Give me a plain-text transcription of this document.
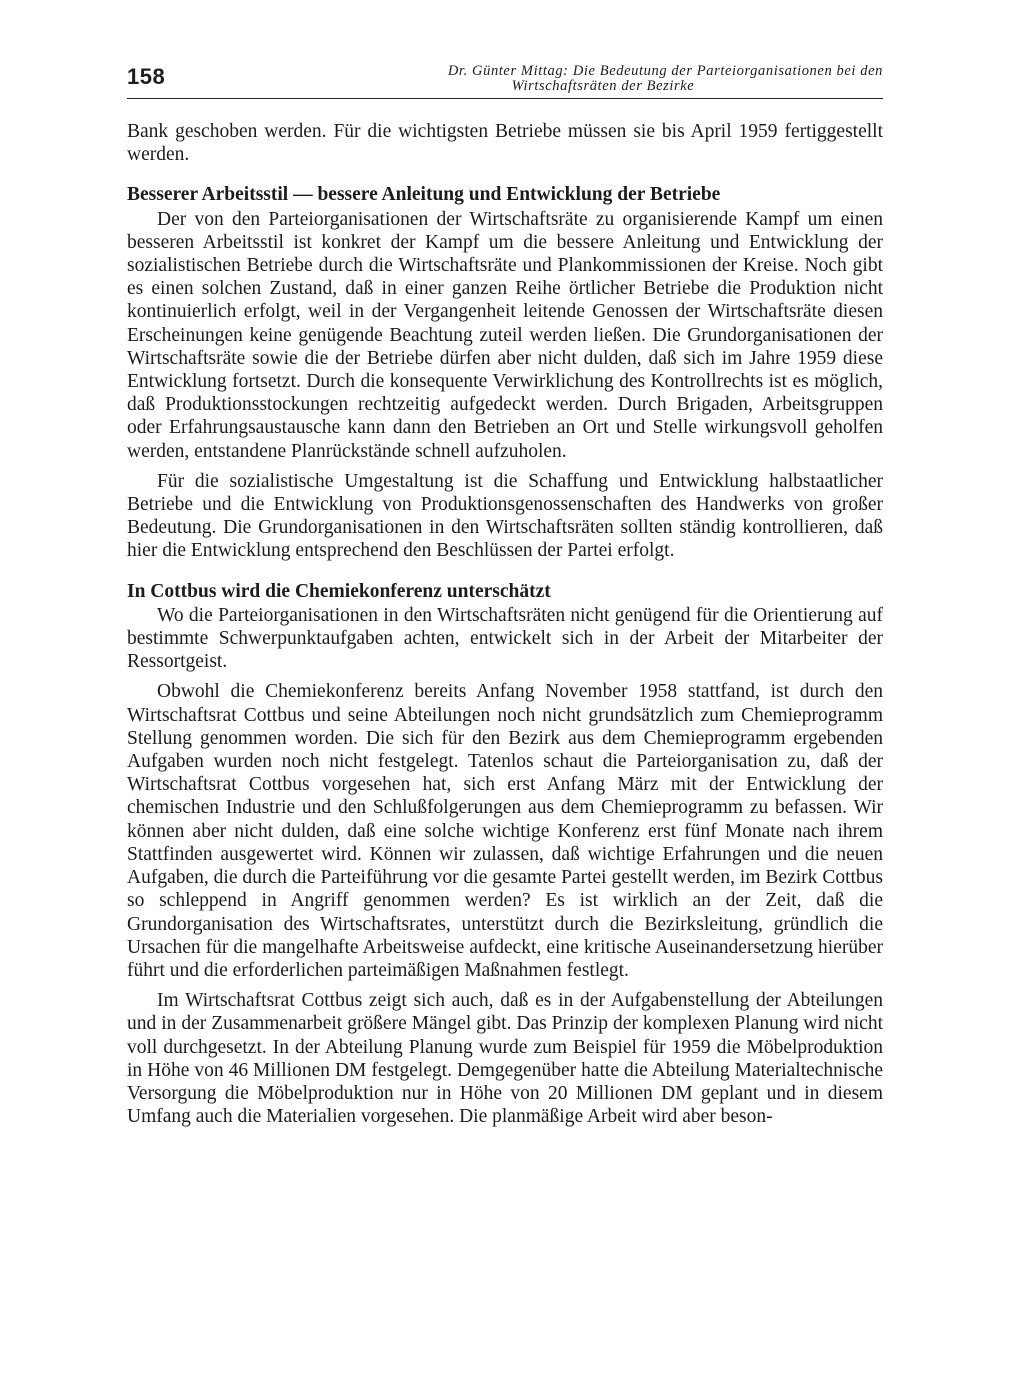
158	Dr. Günter Mittag: Die Bedeutung der Parteiorganisationen bei den
Wirtschaftsräten der Bezirke

Bank geschoben werden. Für die wichtigsten Betriebe müssen sie bis April 1959 fertiggestellt werden.

Besserer Arbeitsstil — bessere Anleitung und Entwicklung der Betriebe

Der von den Parteiorganisationen der Wirtschaftsräte zu organisierende Kampf um einen besseren Arbeitsstil ist konkret der Kampf um die bessere Anleitung und Entwicklung der sozialistischen Betriebe durch die Wirtschaftsräte und Plankommissionen der Kreise. Noch gibt es einen solchen Zustand, daß in einer ganzen Reihe örtlicher Betriebe die Produktion nicht kontinuierlich erfolgt, weil in der Vergangenheit leitende Genossen der Wirtschaftsräte diesen Erscheinungen keine genügende Beachtung zuteil werden ließen. Die Grundorganisationen der Wirtschaftsräte sowie die der Betriebe dürfen aber nicht dulden, daß sich im Jahre 1959 diese Entwicklung fortsetzt. Durch die konsequente Verwirklichung des Kontrollrechts ist es möglich, daß Produktionsstockungen rechtzeitig aufgedeckt werden. Durch Brigaden, Arbeitsgruppen oder Erfahrungsaustausche kann dann den Betrieben an Ort und Stelle wirkungsvoll geholfen werden, entstandene Planrückstände schnell aufzuholen.

Für die sozialistische Umgestaltung ist die Schaffung und Entwicklung halbstaatlicher Betriebe und die Entwicklung von Produktionsgenossenschaften des Handwerks von großer Bedeutung. Die Grundorganisationen in den Wirtschaftsräten sollten ständig kontrollieren, daß hier die Entwicklung entsprechend den Beschlüssen der Partei erfolgt.

In Cottbus wird die Chemiekonferenz unterschätzt

Wo die Parteiorganisationen in den Wirtschaftsräten nicht genügend für die Orientierung auf bestimmte Schwerpunktaufgaben achten, entwickelt sich in der Arbeit der Mitarbeiter der Ressortgeist.

Obwohl die Chemiekonferenz bereits Anfang November 1958 stattfand, ist durch den Wirtschaftsrat Cottbus und seine Abteilungen noch nicht grundsätzlich zum Chemieprogramm Stellung genommen worden. Die sich für den Bezirk aus dem Chemieprogramm ergebenden Aufgaben wurden noch nicht festgelegt. Tatenlos schaut die Parteiorganisation zu, daß der Wirtschaftsrat Cottbus vorgesehen hat, sich erst Anfang März mit der Entwicklung der chemischen Industrie und den Schlußfolgerungen aus dem Chemieprogramm zu befassen. Wir können aber nicht dulden, daß eine solche wichtige Konferenz erst fünf Monate nach ihrem Stattfinden ausgewertet wird. Können wir zulassen, daß wichtige Erfahrungen und die neuen Aufgaben, die durch die Parteiführung vor die gesamte Partei gestellt werden, im Bezirk Cottbus so schleppend in Angriff genommen werden? Es ist wirklich an der Zeit, daß die Grundorganisation des Wirtschaftsrates, unterstützt durch die Bezirksleitung, gründlich die Ursachen für die mangelhafte Arbeitsweise aufdeckt, eine kritische Auseinandersetzung hierüber führt und die erforderlichen parteimäßigen Maßnahmen festlegt.

Im Wirtschaftsrat Cottbus zeigt sich auch, daß es in der Aufgabenstellung der Abteilungen und in der Zusammenarbeit größere Mängel gibt. Das Prinzip der komplexen Planung wird nicht voll durchgesetzt. In der Abteilung Planung wurde zum Beispiel für 1959 die Möbelproduktion in Höhe von 46 Millionen DM festgelegt. Demgegenüber hatte die Abteilung Materialtechnische Versorgung die Möbelproduktion nur in Höhe von 20 Millionen DM geplant und in diesem Umfang auch die Materialien vorgesehen. Die planmäßige Arbeit wird aber beson-
